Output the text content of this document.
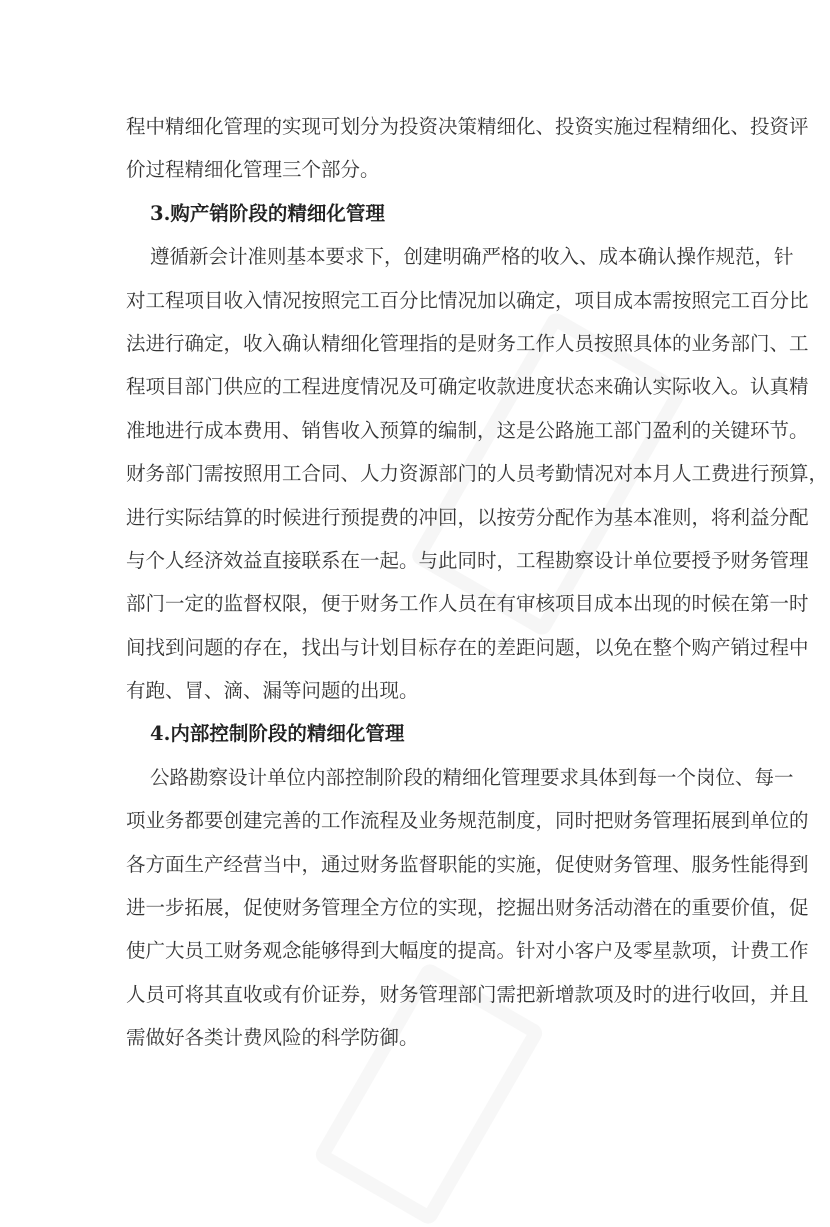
程中精细化管理的实现可划分为投资决策精细化、投资实施过程精细化、投资评
价过程精细化管理三个部分。
3.购产销阶段的精细化管理
遵循新会计准则基本要求下，创建明确严格的收入、成本确认操作规范，针
对工程项目收入情况按照完工百分比情况加以确定，项目成本需按照完工百分比
法进行确定，收入确认精细化管理指的是财务工作人员按照具体的业务部门、工
程项目部门供应的工程进度情况及可确定收款进度状态来确认实际收入。认真精
准地进行成本费用、销售收入预算的编制，这是公路施工部门盈利的关键环节。
财务部门需按照用工合同、人力资源部门的人员考勤情况对本月人工费进行预算，
进行实际结算的时候进行预提费的冲回，以按劳分配作为基本准则，将利益分配
与个人经济效益直接联系在一起。与此同时，工程勘察设计单位要授予财务管理
部门一定的监督权限，便于财务工作人员在有审核项目成本出现的时候在第一时
间找到问题的存在，找出与计划目标存在的差距问题，以免在整个购产销过程中
有跑、冒、滴、漏等问题的出现。
4.内部控制阶段的精细化管理
公路勘察设计单位内部控制阶段的精细化管理要求具体到每一个岗位、每一
项业务都要创建完善的工作流程及业务规范制度，同时把财务管理拓展到单位的
各方面生产经营当中，通过财务监督职能的实施，促使财务管理、服务性能得到
进一步拓展，促使财务管理全方位的实现，挖掘出财务活动潜在的重要价值，促
使广大员工财务观念能够得到大幅度的提高。针对小客户及零星款项，计费工作
人员可将其直收或有价证券，财务管理部门需把新增款项及时的进行收回，并且
需做好各类计费风险的科学防御。
